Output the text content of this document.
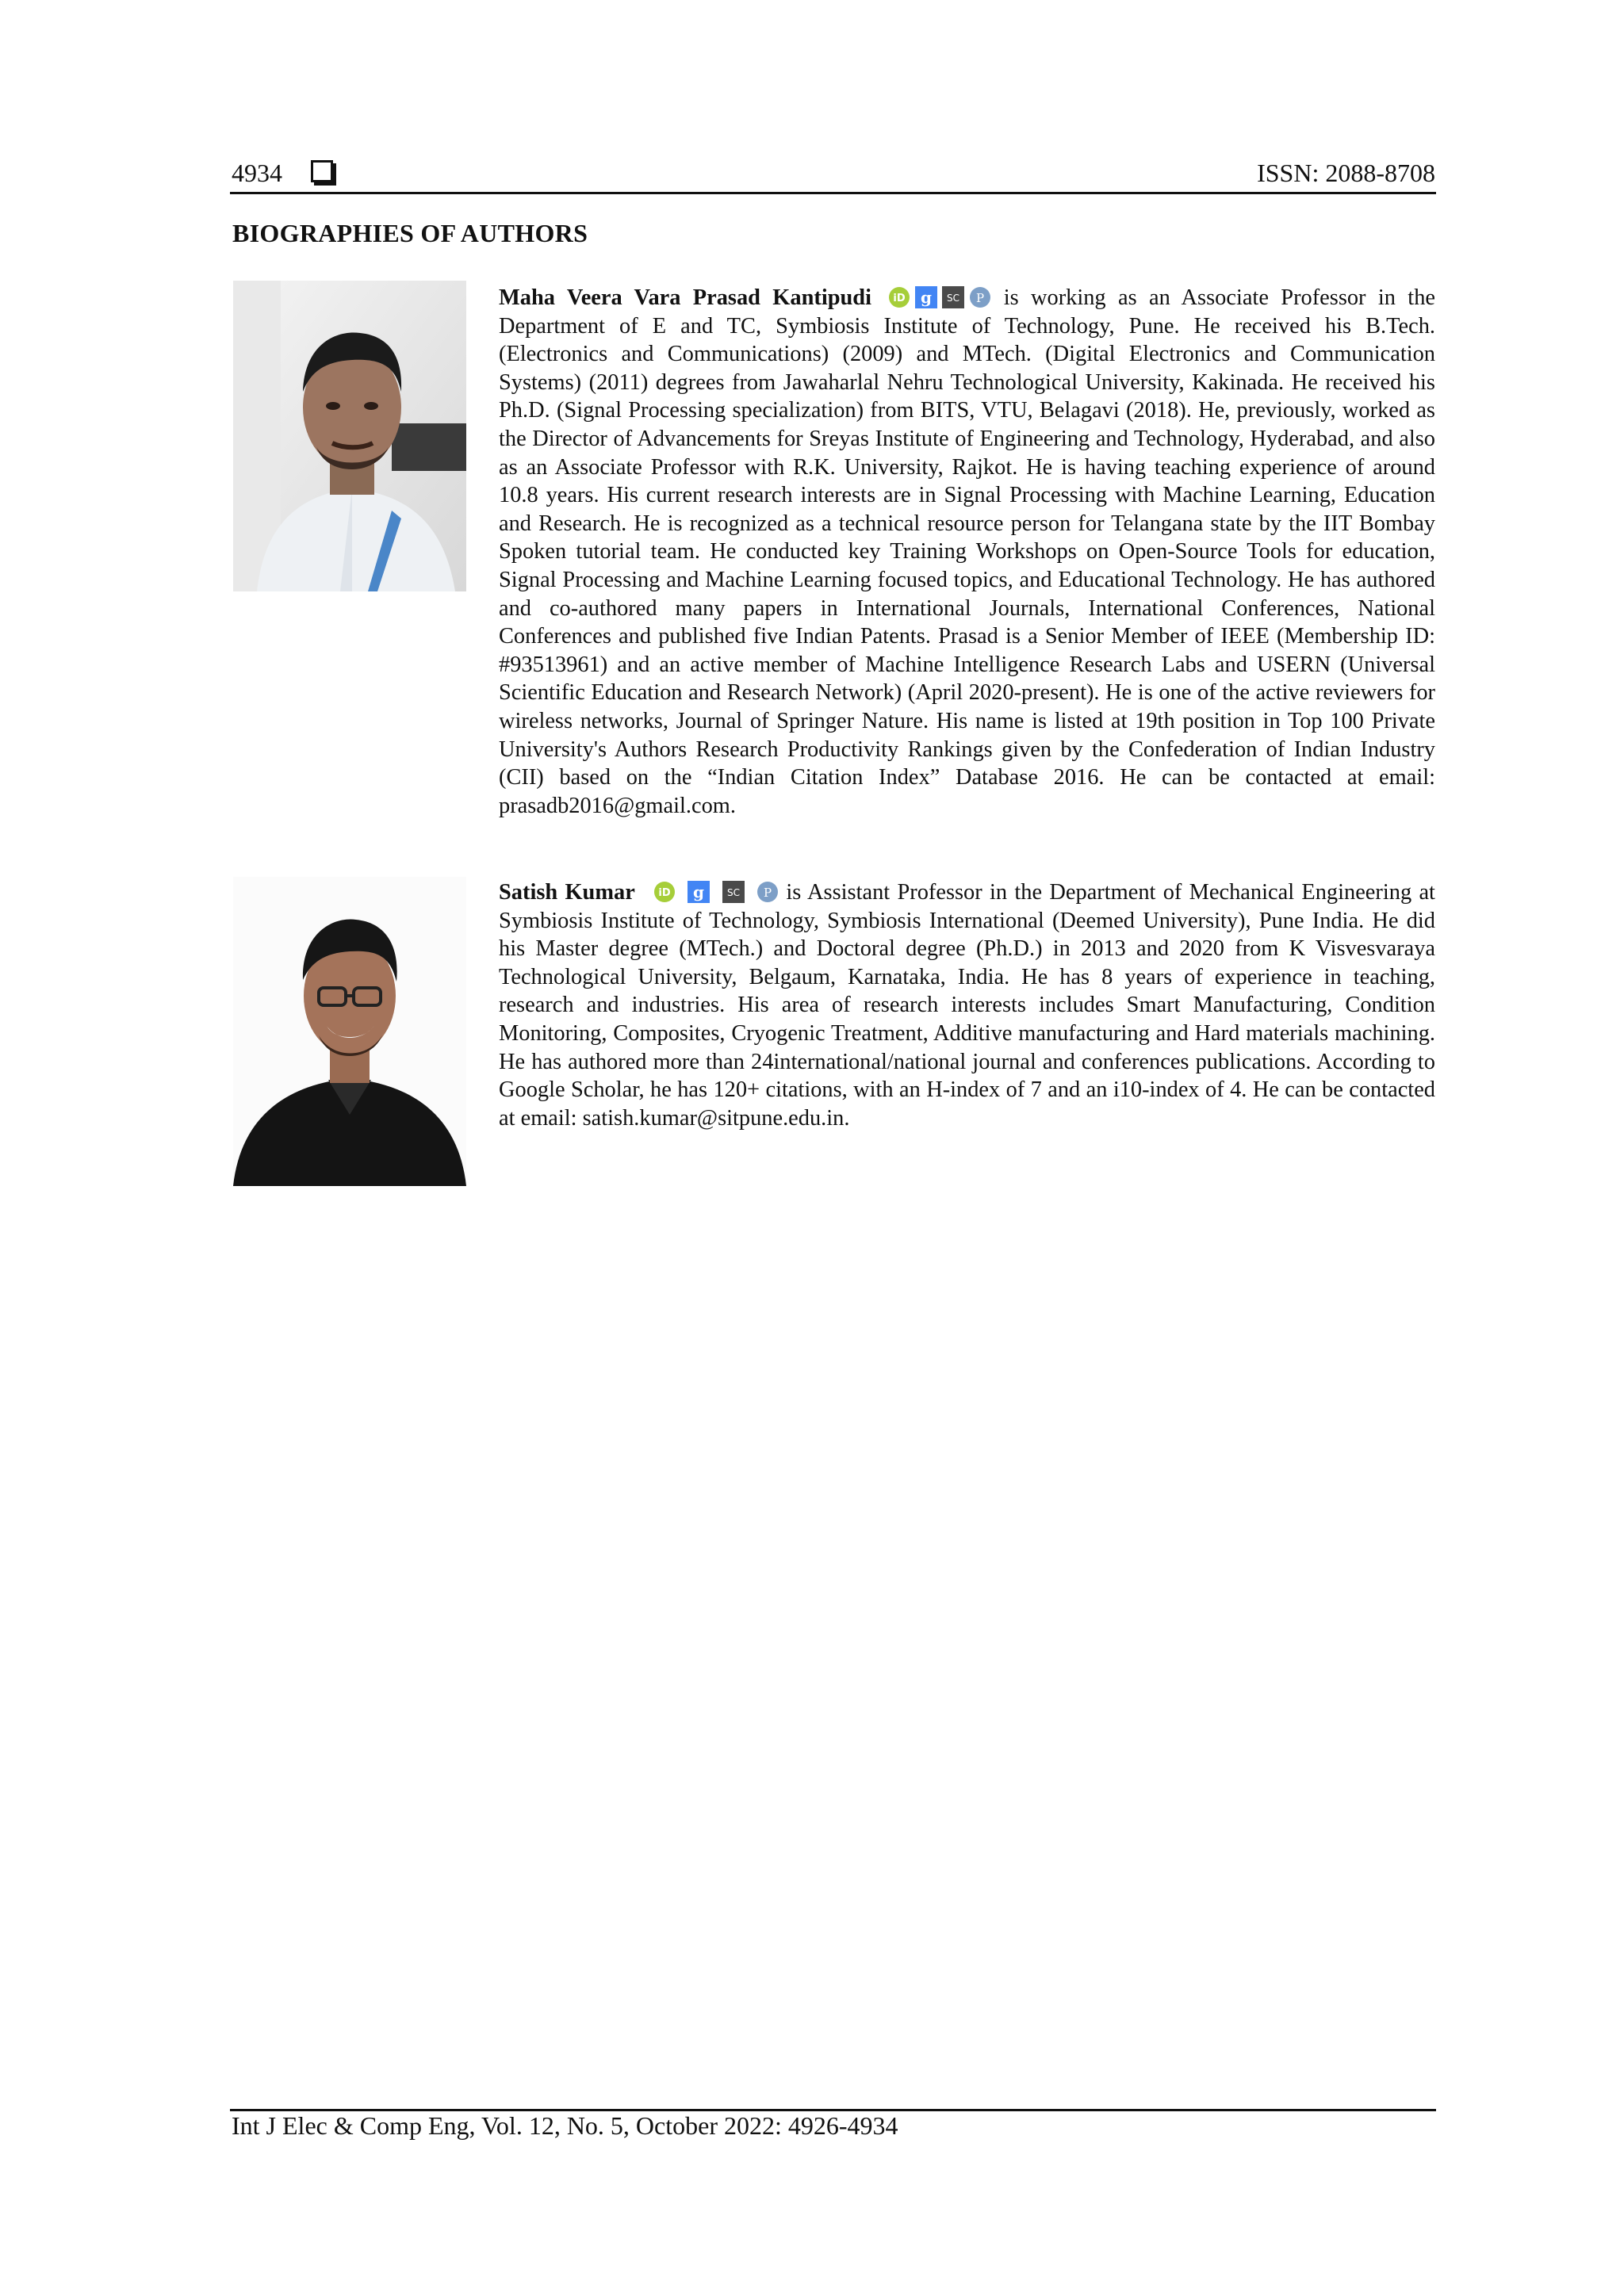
4934	ISSN: 2088-8708
BIOGRAPHIES OF AUTHORS

Maha Veera Vara Prasad Kantipudi iD g SC P is working as an Associate Professor in the Department of E and TC, Symbiosis Institute of Technology, Pune. He received his B.Tech. (Electronics and Communications) (2009) and MTech. (Digital Electronics and Communication Systems) (2011) degrees from Jawaharlal Nehru Technological University, Kakinada. He received his Ph.D. (Signal Processing specialization) from BITS, VTU, Belagavi (2018). He, previously, worked as the Director of Advancements for Sreyas Institute of Engineering and Technology, Hyderabad, and also as an Associate Professor with R.K. University, Rajkot. He is having teaching experience of around 10.8 years. His current research interests are in Signal Processing with Machine Learning, Education and Research. He is recognized as a technical resource person for Telangana state by the IIT Bombay Spoken tutorial team. He conducted key Training Workshops on Open-Source Tools for education, Signal Processing and Machine Learning focused topics, and Educational Technology. He has authored and co-authored many papers in International Journals, International Conferences, National Conferences and published five Indian Patents. Prasad is a Senior Member of IEEE (Membership ID: #93513961) and an active member of Machine Intelligence Research Labs and USERN (Universal Scientific Education and Research Network) (April 2020-present). He is one of the active reviewers for wireless networks, Journal of Springer Nature. His name is listed at 19th position in Top 100 Private University's Authors Research Productivity Rankings given by the Confederation of Indian Industry (CII) based on the “Indian Citation Index” Database 2016. He can be contacted at email: prasadb2016@gmail.com.

Satish Kumar iD
g
SC
P is Assistant Professor in the Department of Mechanical Engineering at Symbiosis Institute of Technology, Symbiosis International (Deemed University), Pune India. He did his Master degree (MTech.) and Doctoral degree (Ph.D.) in 2013 and 2020 from K Visvesvaraya Technological University, Belgaum, Karnataka, India. He has 8 years of experience in teaching, research and industries. His area of research interests includes Smart Manufacturing, Condition Monitoring, Composites, Cryogenic Treatment, Additive manufacturing and Hard materials machining. He has authored more than 24international/national journal and conferences publications. According to Google Scholar, he has 120+ citations, with an H-index of 7 and an i10-index of 4. He can be contacted at email: satish.kumar@sitpune.edu.in.

Int J Elec & Comp Eng, Vol. 12, No. 5, October 2022: 4926-4934
